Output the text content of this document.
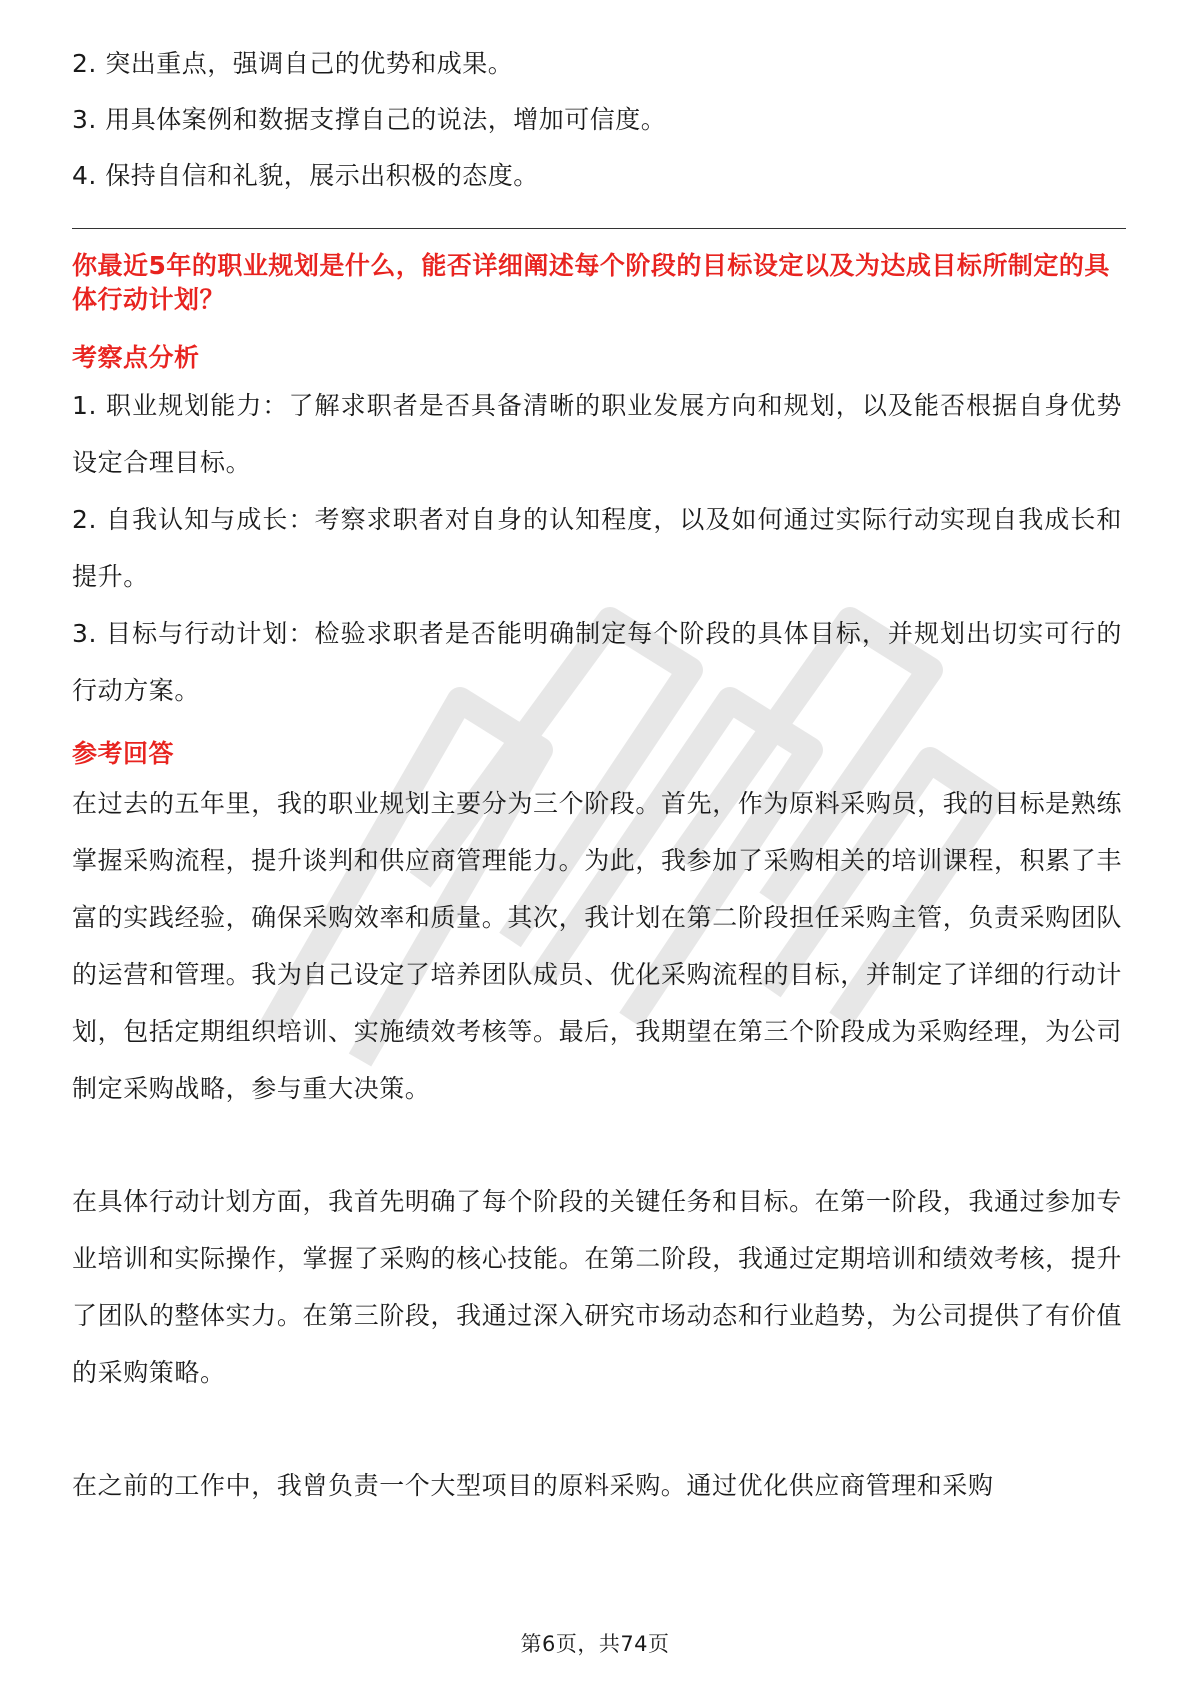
2. 突出重点，强调自己的优势和成果。

3. 用具体案例和数据支撑自己的说法，增加可信度。

4. 保持自信和礼貌，展示出积极的态度。

你最近5年的职业规划是什么，能否详细阐述每个阶段的目标设定以及为达成目标所制定的具体行动计划？
考察点分析

1. 职业规划能力：了解求职者是否具备清晰的职业发展方向和规划，以及能否根据自身优势设定合理目标。

2. 自我认知与成长：考察求职者对自身的认知程度，以及如何通过实际行动实现自我成长和提升。

3. 目标与行动计划：检验求职者是否能明确制定每个阶段的具体目标，并规划出切实可行的行动方案。

参考回答

在过去的五年里，我的职业规划主要分为三个阶段。首先，作为原料采购员，我的目标是熟练掌握采购流程，提升谈判和供应商管理能力。为此，我参加了采购相关的培训课程，积累了丰富的实践经验，确保采购效率和质量。其次，我计划在第二阶段担任采购主管，负责采购团队的运营和管理。我为自己设定了培养团队成员、优化采购流程的目标，并制定了详细的行动计划，包括定期组织培训、实施绩效考核等。最后，我期望在第三个阶段成为采购经理，为公司制定采购战略，参与重大决策。

在具体行动计划方面，我首先明确了每个阶段的关键任务和目标。在第一阶段，我通过参加专业培训和实际操作，掌握了采购的核心技能。在第二阶段，我通过定期培训和绩效考核，提升了团队的整体实力。在第三阶段，我通过深入研究市场动态和行业趋势，为公司提供了有价值的采购策略。

在之前的工作中，我曾负责一个大型项目的原料采购。通过优化供应商管理和采购

第6页，共74页
